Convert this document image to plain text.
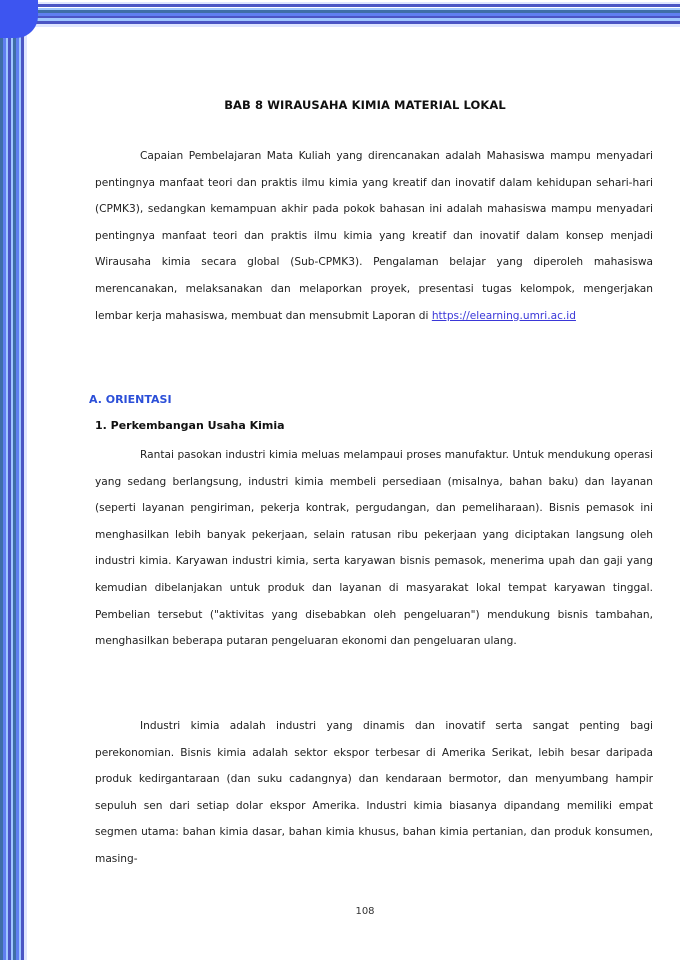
BAB 8 WIRAUSAHA KIMIA MATERIAL LOKAL

Capaian Pembelajaran Mata Kuliah yang direncanakan adalah Mahasiswa mampu menyadari pentingnya manfaat teori dan praktis ilmu kimia yang kreatif dan inovatif dalam kehidupan sehari-hari (CPMK3), sedangkan kemampuan akhir pada pokok bahasan ini adalah mahasiswa mampu menyadari pentingnya manfaat teori dan praktis ilmu kimia yang kreatif dan inovatif dalam konsep menjadi Wirausaha kimia secara global (Sub-CPMK3). Pengalaman belajar yang diperoleh mahasiswa merencanakan, melaksanakan dan melaporkan proyek, presentasi tugas kelompok, mengerjakan lembar kerja mahasiswa, membuat dan mensubmit Laporan di https://elearning.umri.ac.id

A. ORIENTASI
1. Perkembangan Usaha Kimia

Rantai pasokan industri kimia meluas melampaui proses manufaktur. Untuk mendukung operasi yang sedang berlangsung, industri kimia membeli persediaan (misalnya, bahan baku) dan layanan (seperti layanan pengiriman, pekerja kontrak, pergudangan, dan pemeliharaan). Bisnis pemasok ini menghasilkan lebih banyak pekerjaan, selain ratusan ribu pekerjaan yang diciptakan langsung oleh industri kimia. Karyawan industri kimia, serta karyawan bisnis pemasok, menerima upah dan gaji yang kemudian dibelanjakan untuk produk dan layanan di masyarakat lokal tempat karyawan tinggal. Pembelian tersebut ("aktivitas yang disebabkan oleh pengeluaran") mendukung bisnis tambahan, menghasilkan beberapa putaran pengeluaran ekonomi dan pengeluaran ulang.

Industri kimia adalah industri yang dinamis dan inovatif serta sangat penting bagi perekonomian. Bisnis kimia adalah sektor ekspor terbesar di Amerika Serikat, lebih besar daripada produk kedirgantaraan (dan suku cadangnya) dan kendaraan bermotor, dan menyumbang hampir sepuluh sen dari setiap dolar ekspor Amerika. Industri kimia biasanya dipandang memiliki empat segmen utama: bahan kimia dasar, bahan kimia khusus, bahan kimia pertanian, dan produk konsumen, masing-

108
